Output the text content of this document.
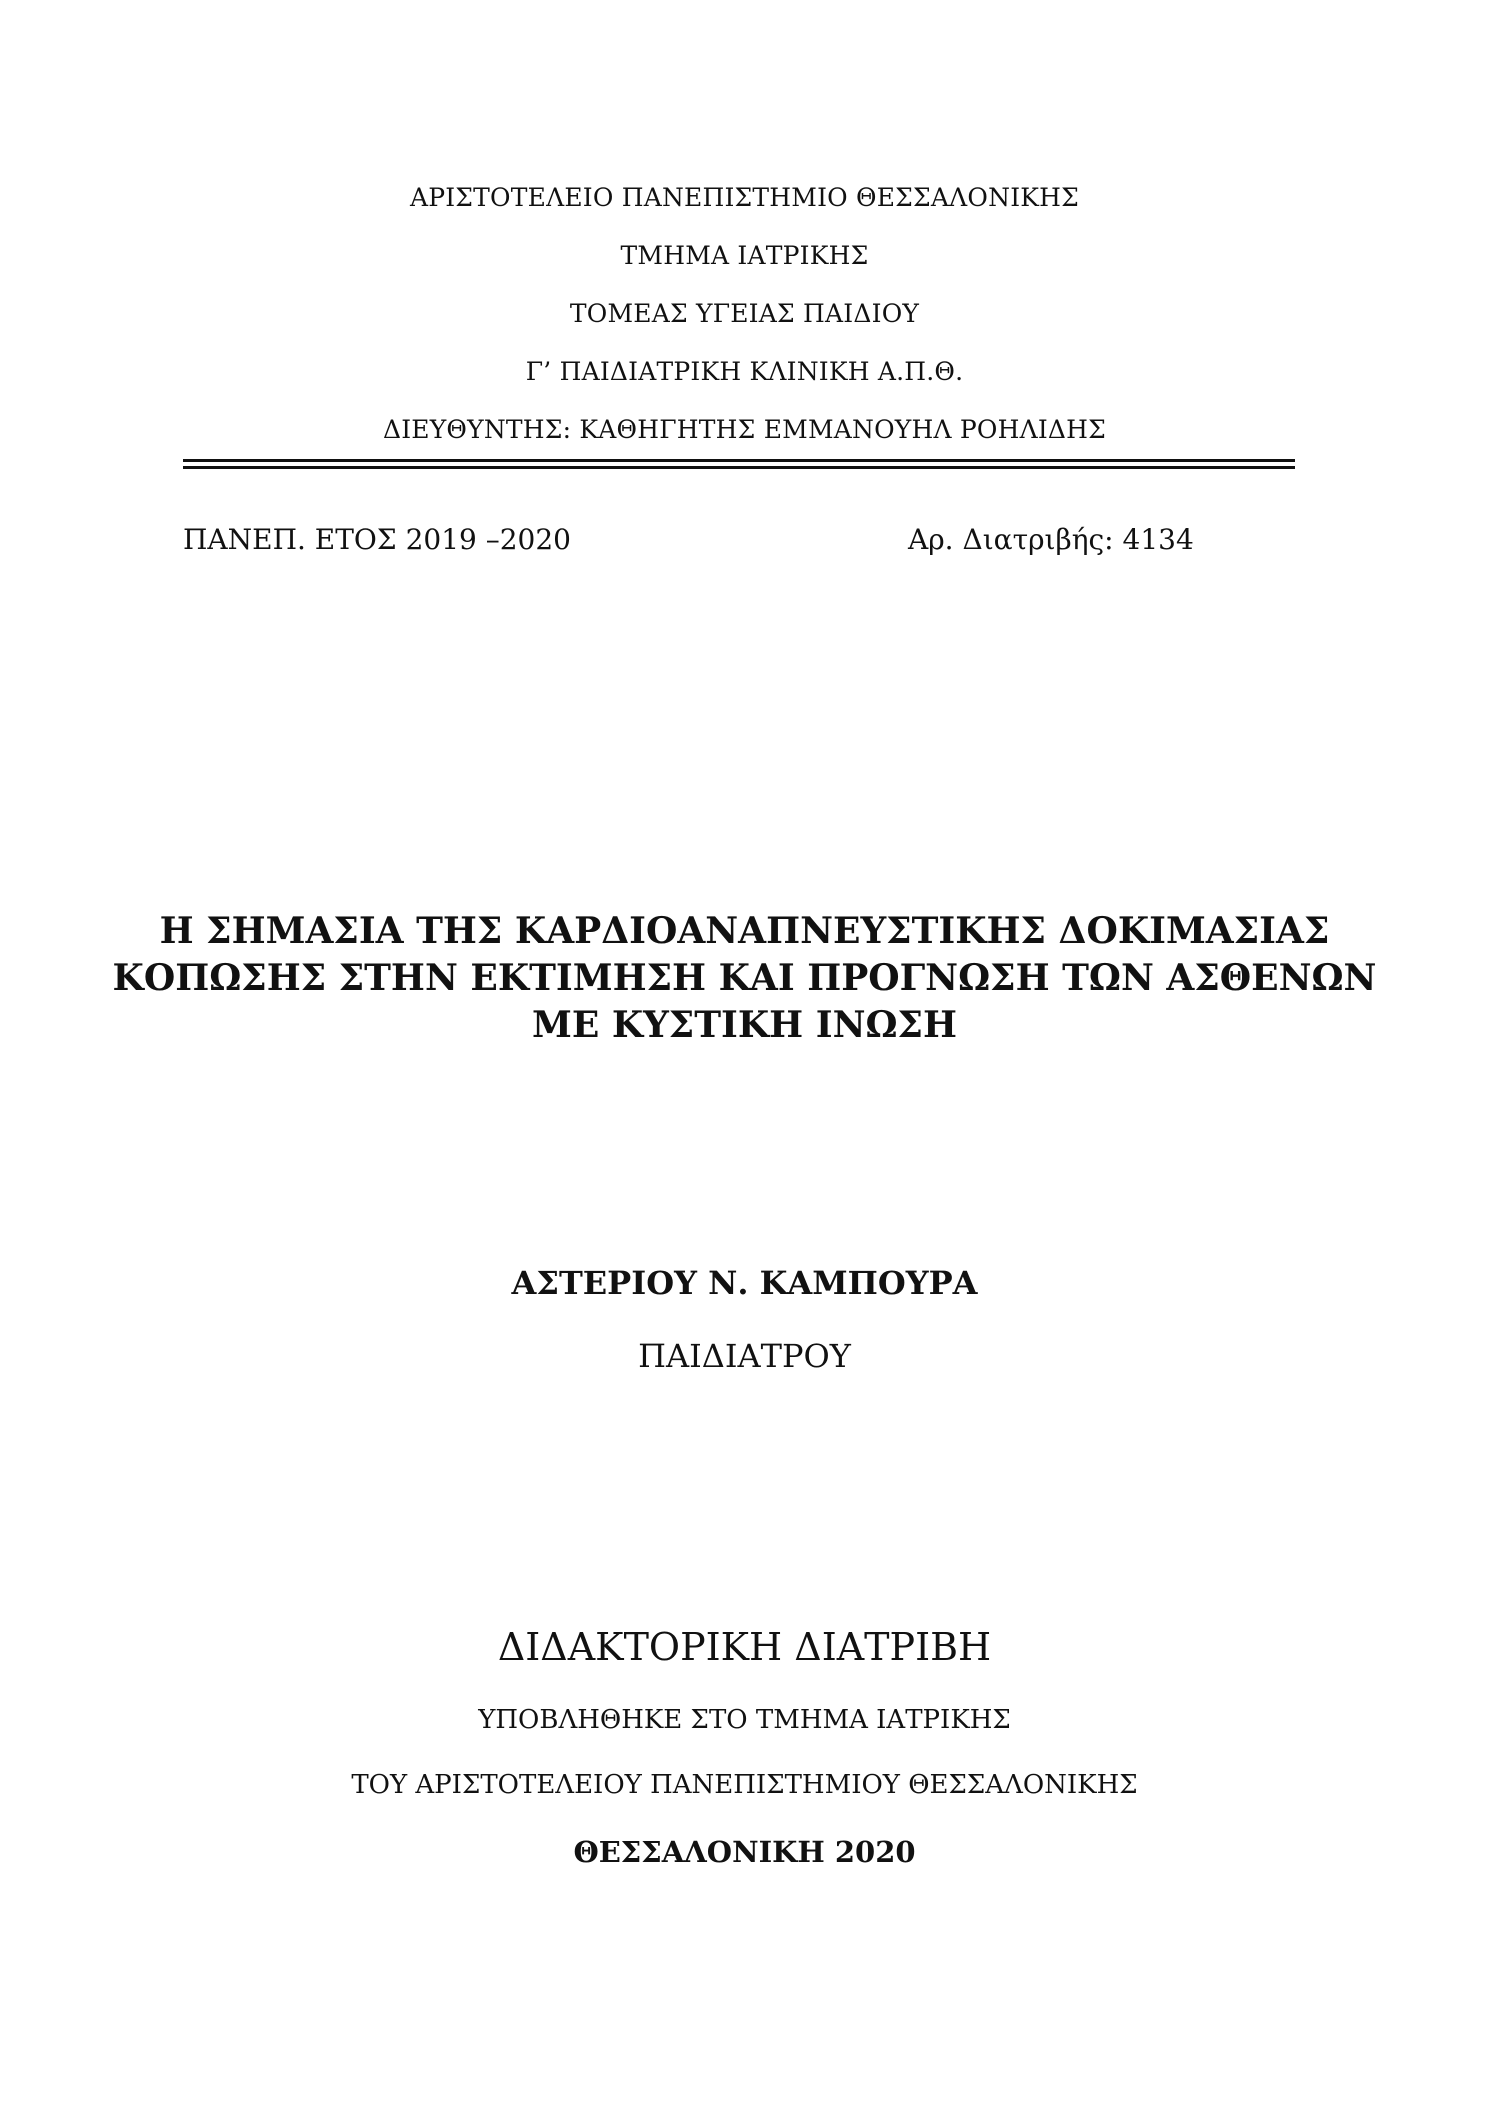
ΑΡΙΣΤΟΤΕΛΕΙΟ ΠΑΝΕΠΙΣΤΗΜΙΟ ΘΕΣΣΑΛΟΝΙΚΗΣ
ΤΜΗΜΑ ΙΑΤΡΙΚΗΣ
ΤΟΜΕΑΣ ΥΓΕΙΑΣ ΠΑΙΔΙΟΥ
Γ’ ΠΑΙΔΙΑΤΡΙΚΗ ΚΛΙΝΙΚΗ Α.Π.Θ.
ΔΙΕΥΘΥΝΤΗΣ: ΚΑΘΗΓΗΤΗΣ ΕΜΜΑΝΟΥΗΛ ΡΟΗΛΙΔΗΣ
ΠΑΝΕΠ. ΕΤΟΣ 2019 –2020	Αρ. Διατριβής: 4134
Η ΣΗΜΑΣΙΑ ΤΗΣ ΚΑΡΔΙΟΑΝΑΠΝΕΥΣΤΙΚΗΣ ΔΟΚΙΜΑΣΙΑΣ
ΚΟΠΩΣΗΣ ΣΤΗΝ ΕΚΤΙΜΗΣΗ ΚΑΙ ΠΡΟΓΝΩΣΗ ΤΩΝ ΑΣΘΕΝΩΝ
ΜΕ ΚΥΣΤΙΚΗ ΙΝΩΣΗ
ΑΣΤΕΡΙΟΥ Ν. ΚΑΜΠΟΥΡΑ
ΠΑΙΔΙΑΤΡΟΥ
ΔΙΔΑΚΤΟΡΙΚΗ ΔΙΑΤΡΙΒΗ
ΥΠΟΒΛΗΘΗΚΕ ΣΤΟ ΤΜΗΜΑ ΙΑΤΡΙΚΗΣ
ΤΟΥ ΑΡΙΣΤΟΤΕΛΕΙΟΥ ΠΑΝΕΠΙΣΤΗΜΙΟΥ ΘΕΣΣΑΛΟΝΙΚΗΣ
ΘΕΣΣΑΛΟΝΙΚΗ 2020
